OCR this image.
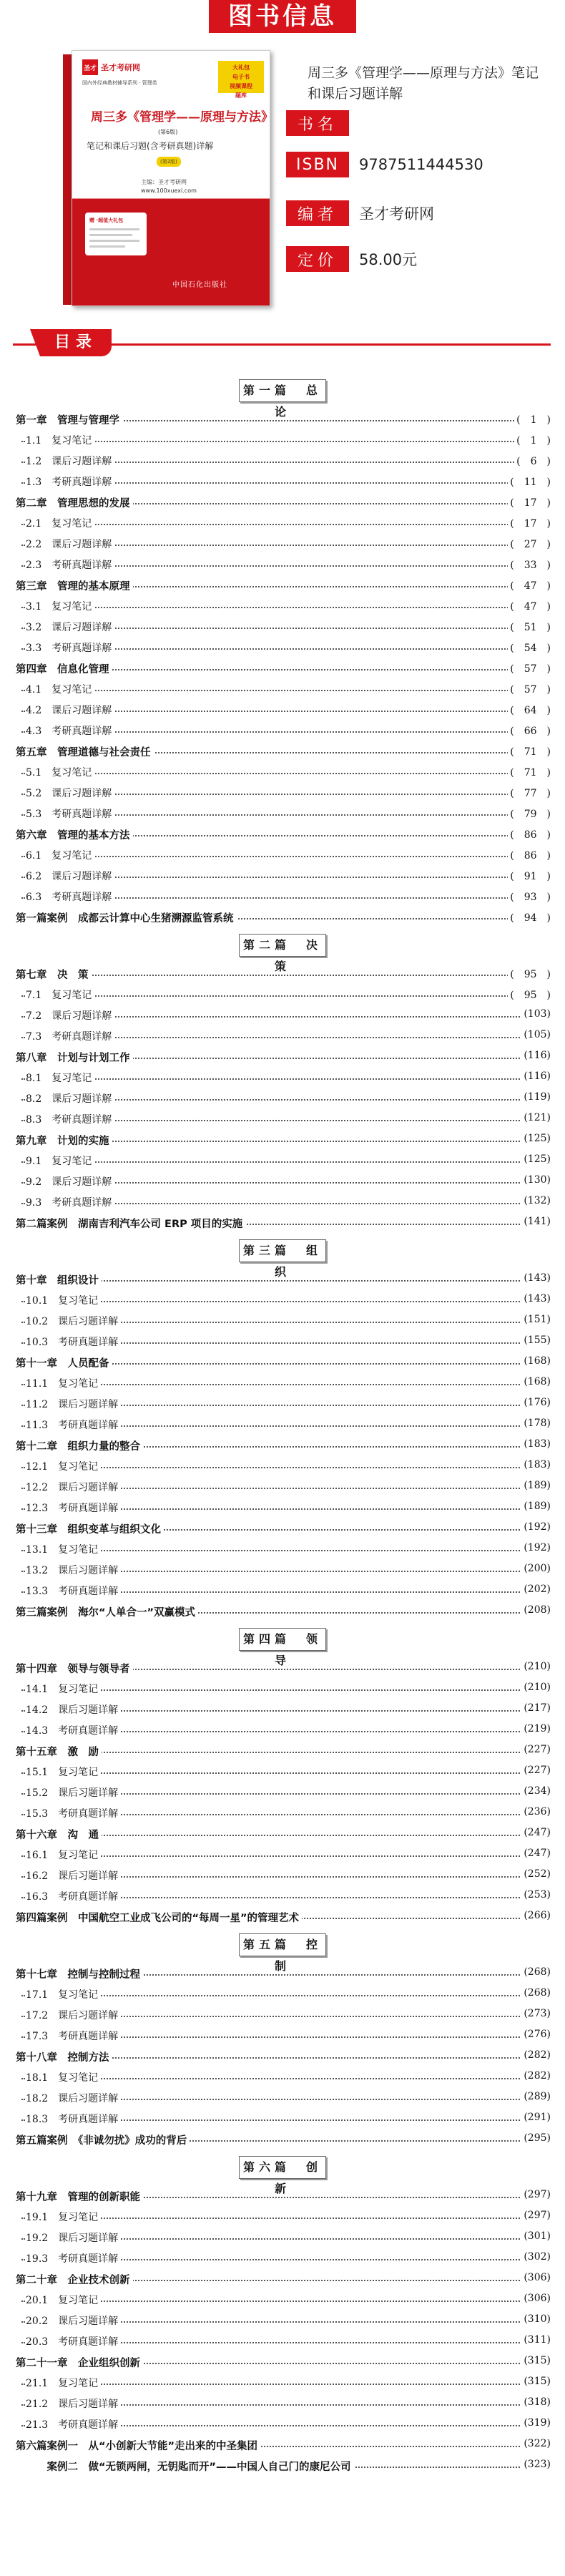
图书信息
圣才 圣才考研网
国内外经典教材辅导系列 · 管理类
大礼包
电子书
视频课程
题库
周三多《管理学——原理与方法》
(第6版)
笔记和课后习题(含考研真题)详解
(第2版)
主编：圣才考研网
www.100xuexi.com
赠 ·超值大礼包
中国石化出版社
周三多《管理学——原理与方法》笔记和课后习题详解
书名
ISBN	9787511444530
编者	圣才考研网
定价	58.00元
目录
第一篇　总　论
第一章　管理与管理学	(　1　)
1.1　复习笔记	(　1　)
1.2　课后习题详解	(　6　)
1.3　考研真题详解	(　11　)
第二章　管理思想的发展	(　17　)
2.1　复习笔记	(　17　)
2.2　课后习题详解	(　27　)
2.3　考研真题详解	(　33　)
第三章　管理的基本原理	(　47　)
3.1　复习笔记	(　47　)
3.2　课后习题详解	(　51　)
3.3　考研真题详解	(　54　)
第四章　信息化管理	(　57　)
4.1　复习笔记	(　57　)
4.2　课后习题详解	(　64　)
4.3　考研真题详解	(　66　)
第五章　管理道德与社会责任	(　71　)
5.1　复习笔记	(　71　)
5.2　课后习题详解	(　77　)
5.3　考研真题详解	(　79　)
第六章　管理的基本方法	(　86　)
6.1　复习笔记	(　86　)
6.2　课后习题详解	(　91　)
6.3　考研真题详解	(　93　)
第一篇案例　成都云计算中心生猪溯源监管系统	(　94　)
第二篇　决　策
第七章　决　策	(　95　)
7.1　复习笔记	(　95　)
7.2　课后习题详解	(103)
7.3　考研真题详解	(105)
第八章　计划与计划工作	(116)
8.1　复习笔记	(116)
8.2　课后习题详解	(119)
8.3　考研真题详解	(121)
第九章　计划的实施	(125)
9.1　复习笔记	(125)
9.2　课后习题详解	(130)
9.3　考研真题详解	(132)
第二篇案例　湖南吉利汽车公司 ERP 项目的实施	(141)
第三篇　组　织
第十章　组织设计	(143)
10.1　复习笔记	(143)
10.2　课后习题详解	(151)
10.3　考研真题详解	(155)
第十一章　人员配备	(168)
11.1　复习笔记	(168)
11.2　课后习题详解	(176)
11.3　考研真题详解	(178)
第十二章　组织力量的整合	(183)
12.1　复习笔记	(183)
12.2　课后习题详解	(189)
12.3　考研真题详解	(189)
第十三章　组织变革与组织文化	(192)
13.1　复习笔记	(192)
13.2　课后习题详解	(200)
13.3　考研真题详解	(202)
第三篇案例　海尔“人单合一”双赢模式	(208)
第四篇　领　导
第十四章　领导与领导者	(210)
14.1　复习笔记	(210)
14.2　课后习题详解	(217)
14.3　考研真题详解	(219)
第十五章　激　励	(227)
15.1　复习笔记	(227)
15.2　课后习题详解	(234)
15.3　考研真题详解	(236)
第十六章　沟　通	(247)
16.1　复习笔记	(247)
16.2　课后习题详解	(252)
16.3　考研真题详解	(253)
第四篇案例　中国航空工业成飞公司的“每周一星”的管理艺术	(266)
第五篇　控　制
第十七章　控制与控制过程	(268)
17.1　复习笔记	(268)
17.2　课后习题详解	(273)
17.3　考研真题详解	(276)
第十八章　控制方法	(282)
18.1　复习笔记	(282)
18.2　课后习题详解	(289)
18.3　考研真题详解	(291)
第五篇案例　《非诚勿扰》成功的背后	(295)
第六篇　创　新
第十九章　管理的创新职能	(297)
19.1　复习笔记	(297)
19.2　课后习题详解	(301)
19.3　考研真题详解	(302)
第二十章　企业技术创新	(306)
20.1　复习笔记	(306)
20.2　课后习题详解	(310)
20.3　考研真题详解	(311)
第二十一章　企业组织创新	(315)
21.1　复习笔记	(315)
21.2　课后习题详解	(318)
21.3　考研真题详解	(319)
第六篇案例一　从“小创新大节能”走出来的中圣集团	(322)
　　　案例二　做“无锁两闸，无钥匙而开”——中国人自己门的康尼公司	(323)
